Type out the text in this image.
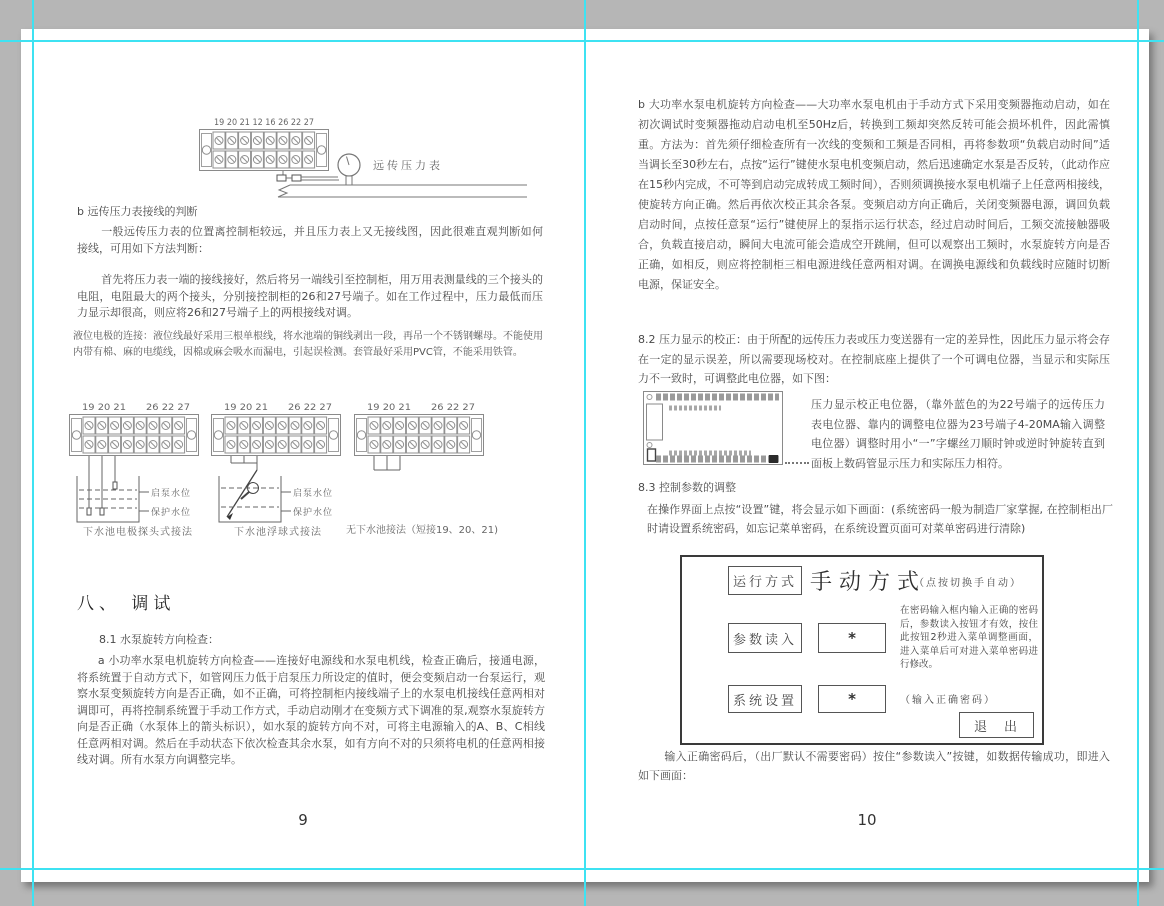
19 20 21 12 16 26 22 27
远传压力表
b 远传压力表接线的判断
一般远传压力表的位置离控制柜较远，并且压力表上又无接线图，因此很难直观判断如何 接线，可用如下方法判断：
首先将压力表一端的接线接好，然后将另一端线引至控制柜，用万用表测量线的三个接头的电阻，电阻最大的两个接头，分别接控制柜的26和27号端子。如在工作过程中，压力最低而压力显示却很高，则应将26和27号端子上的两根接线对调。
液位电极的连接：液位线最好采用三根单根线，将水池端的铜线剥出一段，再吊一个不锈钢螺母。不能使用内带有棉、麻的电缆线，因棉或麻会吸水而漏电，引起误检测。套管最好采用PVC管，不能采用铁管。
19 20 21 26 22 27
启泵水位
保护水位
下水池电极探头式接法
19 20 21 26 22 27
启泵水位
保护水位
下水池浮球式接法
19 20 21 26 22 27
无下水池接法（短接19、20、21)
八、 调试
8.1 水泵旋转方向检查：
a 小功率水泵电机旋转方向检查——连接好电源线和水泵电机线，检查正确后，接通电源，将系统置于自动方式下，如管网压力低于启泵压力所设定的值时，便会变频启动一台泵运行，观察水泵变频旋转方向是否正确，如不正确，可将控制柜内接线端子上的水泵电机接线任意两相对调即可，再将控制系统置于手动工作方式，手动启动刚才在变频方式下调准的泵,观察水泵旋转方向是否正确（水泵体上的箭头标识），如水泵的旋转方向不对，可将主电源输入的A、B、C相线任意两相对调。然后在手动状态下依次检查其余水泵，如有方向不对的只须将电机的任意两相接线对调。所有水泵方向调整完毕。
9
b 大功率水泵电机旋转方向检查——大功率水泵电机由于手动方式下采用变频器拖动启动，如在初次调试时变频器拖动启动电机至50Hz后，转换到工频却突然反转可能会损坏机件，因此需慎重。方法为：首先须仔细检查所有一次线的变频和工频是否同相，再将参数项“负载启动时间”适当调长至30秒左右，点按“运行”键使水泵电机变频启动，然后迅速确定水泵是否反转，（此动作应在15秒内完成，不可等到启动完成转成工频时间），否则须调换接水泵电机端子上任意两相接线，使旋转方向正确。然后再依次校正其余各泵。变频启动方向正确后，关闭变频器电源，调回负载启动时间，点按任意泵“运行”键使屏上的泵指示运行状态，经过启动时间后，工频交流接触器吸合，负载直接启动，瞬间大电流可能会造成空开跳闸，但可以观察出工频时，水泵旋转方向是否正确，如相反，则应将控制柜三相电源进线任意两相对调。在调换电源线和负载线时应随时切断电源，保证安全。
8.2 压力显示的校正：由于所配的远传压力表或压力变送器有一定的差异性，因此压力显示将会存在一定的显示误差，所以需要现场校对。在控制底座上提供了一个可调电位器，当显示和实际压力不一致时，可调整此电位器，如下图：
压力显示校正电位器，（靠外蓝色的为22号端子的远传压力表电位器、靠内的调整电位器为23号端子4-20MA输入调整电位器）调整时用小“一”字螺丝刀顺时钟或逆时钟旋转直到面板上数码管显示压力和实际压力相符。
8.3 控制参数的调整
在操作界面上点按“设置”键，将会显示如下画面：(系统密码一般为制造厂家掌握, 在控制柜出厂时请设置系统密码，如忘记菜单密码，在系统设置页面可对菜单密码进行清除)
运行方式 手动方式
（点按切换手自动）
参数读入	*
在密码输入框内输入正确的密码后，参数读入按钮才有效，按住此按钮2秒进入菜单调整画面，进入菜单后可对进入菜单密码进行修改。
系统设置	*	（输入正确密码）
退　出
输入正确密码后，（出厂默认不需要密码）按住“参数读入”按键，如数据传输成功，即进入如下画面：
10
